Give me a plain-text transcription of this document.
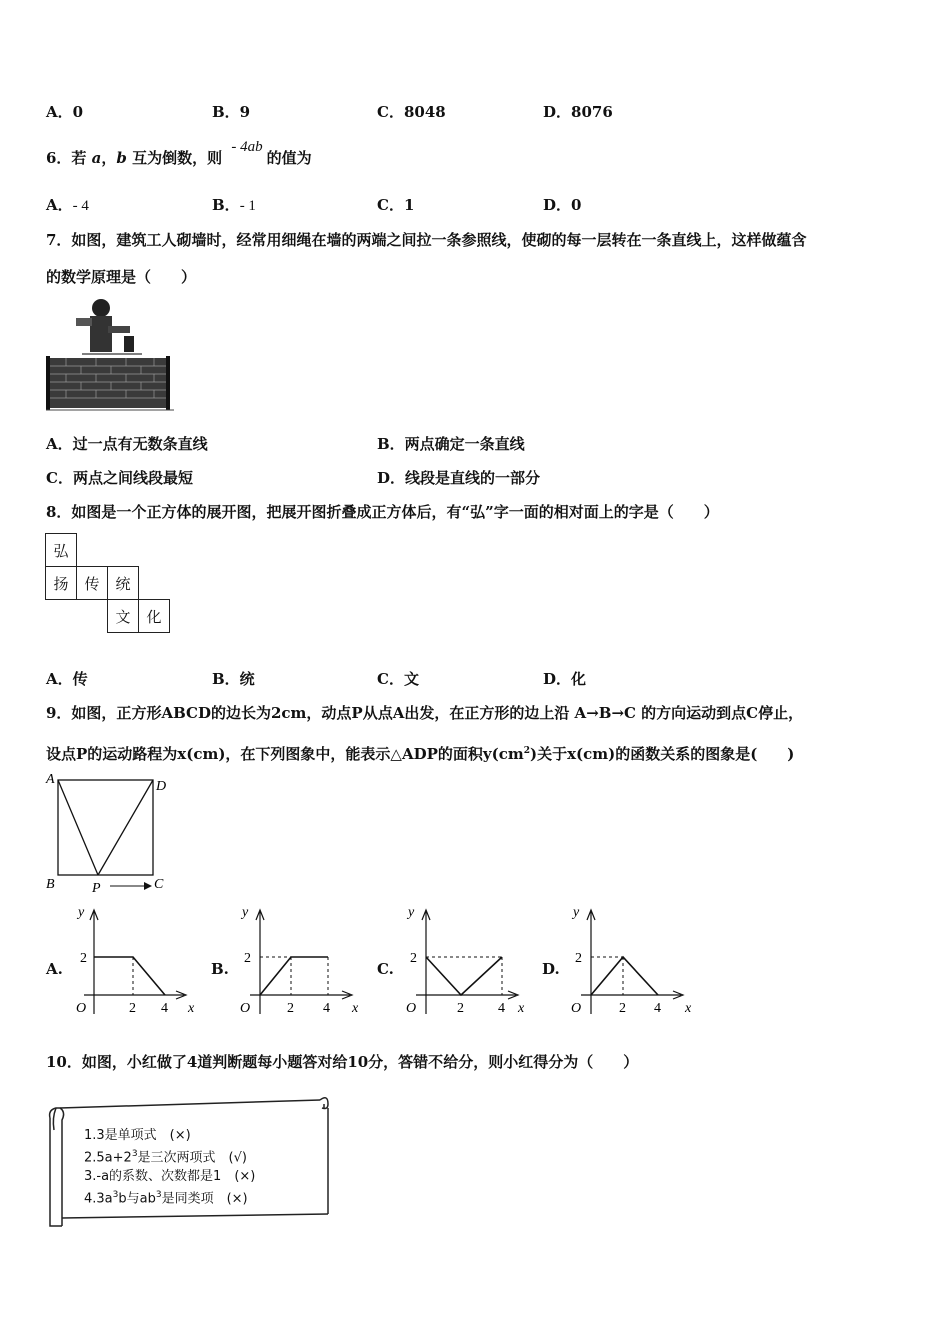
A．0	B．9	C．8048	D．8076
6．若 a，b 互为倒数，则 - 4ab的值为
A．- 4	B．- 1	C．1	D．0
7．如图，建筑工人砌墙时，经常用细绳在墙的两端之间拉一条参照线，使砌的每一层转在一条直线上，这样做蕴含
的数学原理是（　　）
A．过一点有无数条直线	B．两点确定一条直线
C．两点之间线段最短	D．线段是直线的一部分
8．如图是一个正方体的展开图，把展开图折叠成正方体后，有“弘”字一面的相对面上的字是（　　）
弘			
扬	传	统	
		文	化
A．传	B．统	C．文	D．化
9．如图，正方形ABCD的边长为2cm，动点P从点A出发，在正方形的边上沿 A→B→C 的方向运动到点C停止，
设点P的运动路程为x(cm)，在下列图象中，能表示△ADP的面积$y(cm^2)$关于x(cm)的函数关系的图象是(　　)
A	D
B	C
P
A.	B.	C.	D.
y
2
O	2 4 x
y
2
O	2 4 x
y
2
O	2 4 x
y
2
O	2 4 x
10．如图，小红做了4道判断题每小题答对给10分，答错不给分，则小红得分为（　　）
1.3是单项式　(×)
$2.5a+2^3$是三次两项式　(√)
3.-a的系数、次数都是1　(×)
$4.3a^3b$与$ab^3$是同类项　(×)
